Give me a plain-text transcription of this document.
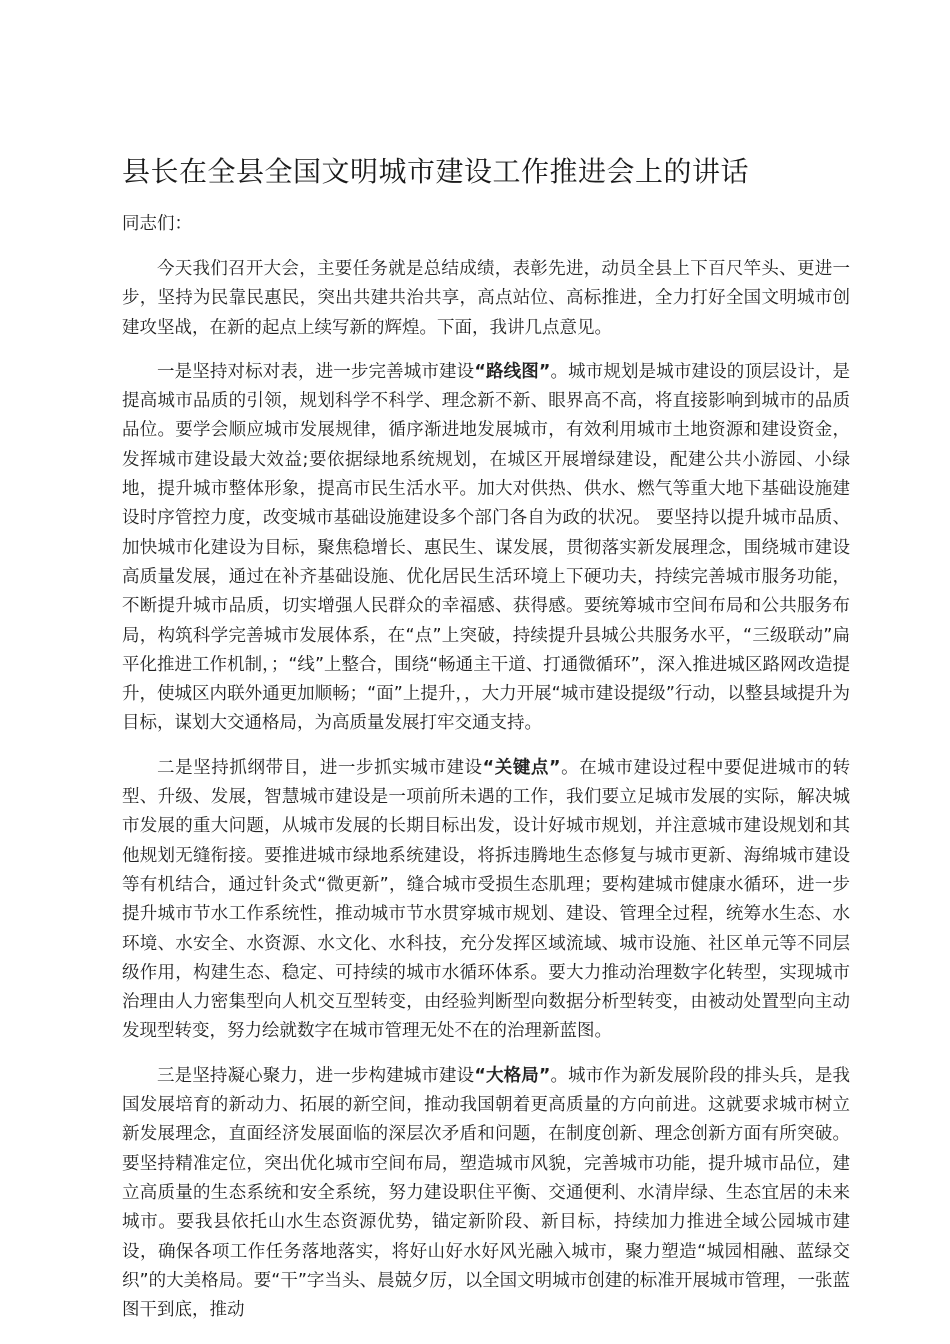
县长在全县全国文明城市建设工作推进会上的讲话

同志们：

今天我们召开大会，主要任务就是总结成绩，表彰先进，动员全县上下百尺竿头、更进一步，坚持为民靠民惠民，突出共建共治共享，高点站位、高标推进，全力打好全国文明城市创建攻坚战，在新的起点上续写新的辉煌。下面，我讲几点意见。

一是坚持对标对表，进一步完善城市建设“路线图”。城市规划是城市建设的顶层设计，是提高城市品质的引领，规划科学不科学、理念新不新、眼界高不高，将直接影响到城市的品质品位。要学会顺应城市发展规律，循序渐进地发展城市，有效利用城市土地资源和建设资金，发挥城市建设最大效益;要依据绿地系统规划，在城区开展增绿建设，配建公共小游园、小绿地，提升城市整体形象，提高市民生活水平。加大对供热、供水、燃气等重大地下基础设施建设时序管控力度，改变城市基础设施建设多个部门各自为政的状况。 要坚持以提升城市品质、加快城市化建设为目标，聚焦稳增长、惠民生、谋发展，贯彻落实新发展理念，围绕城市建设高质量发展，通过在补齐基础设施、优化居民生活环境上下硬功夫，持续完善城市服务功能，不断提升城市品质，切实增强人民群众的幸福感、获得感。要统筹城市空间布局和公共服务布局，构筑科学完善城市发展体系，在“点”上突破，持续提升县城公共服务水平，“三级联动”扁平化推进工作机制，；“线”上整合，围绕“畅通主干道、打通微循环”，深入推进城区路网改造提升，使城区内联外通更加顺畅；“面”上提升，，大力开展“城市建设提级”行动，以整县域提升为目标，谋划大交通格局，为高质量发展打牢交通支持。

二是坚持抓纲带目，进一步抓实城市建设“关键点”。在城市建设过程中要促进城市的转型、升级、发展，智慧城市建设是一项前所未遇的工作，我们要立足城市发展的实际，解决城市发展的重大问题，从城市发展的长期目标出发，设计好城市规划，并注意城市建设规划和其他规划无缝衔接。要推进城市绿地系统建设，将拆违腾地生态修复与城市更新、海绵城市建设等有机结合，通过针灸式“微更新”，缝合城市受损生态肌理；要构建城市健康水循环，进一步提升城市节水工作系统性，推动城市节水贯穿城市规划、建设、管理全过程，统筹水生态、水环境、水安全、水资源、水文化、水科技，充分发挥区域流域、城市设施、社区单元等不同层级作用，构建生态、稳定、可持续的城市水循环体系。要大力推动治理数字化转型，实现城市治理由人力密集型向人机交互型转变，由经验判断型向数据分析型转变，由被动处置型向主动发现型转变，努力绘就数字在城市管理无处不在的治理新蓝图。

三是坚持凝心聚力，进一步构建城市建设“大格局”。城市作为新发展阶段的排头兵，是我国发展培育的新动力、拓展的新空间，推动我国朝着更高质量的方向前进。这就要求城市树立新发展理念，直面经济发展面临的深层次矛盾和问题，在制度创新、理念创新方面有所突破。要坚持精准定位，突出优化城市空间布局，塑造城市风貌，完善城市功能，提升城市品位，建立高质量的生态系统和安全系统，努力建设职住平衡、交通便利、水清岸绿、生态宜居的未来城市。要我县依托山水生态资源优势，锚定新阶段、新目标，持续加力推进全域公园城市建设，确保各项工作任务落地落实，将好山好水好风光融入城市，聚力塑造“城园相融、蓝绿交织”的大美格局。要“干”字当头、晨兢夕厉，以全国文明城市创建的标准开展城市管理，一张蓝图干到底，推动
